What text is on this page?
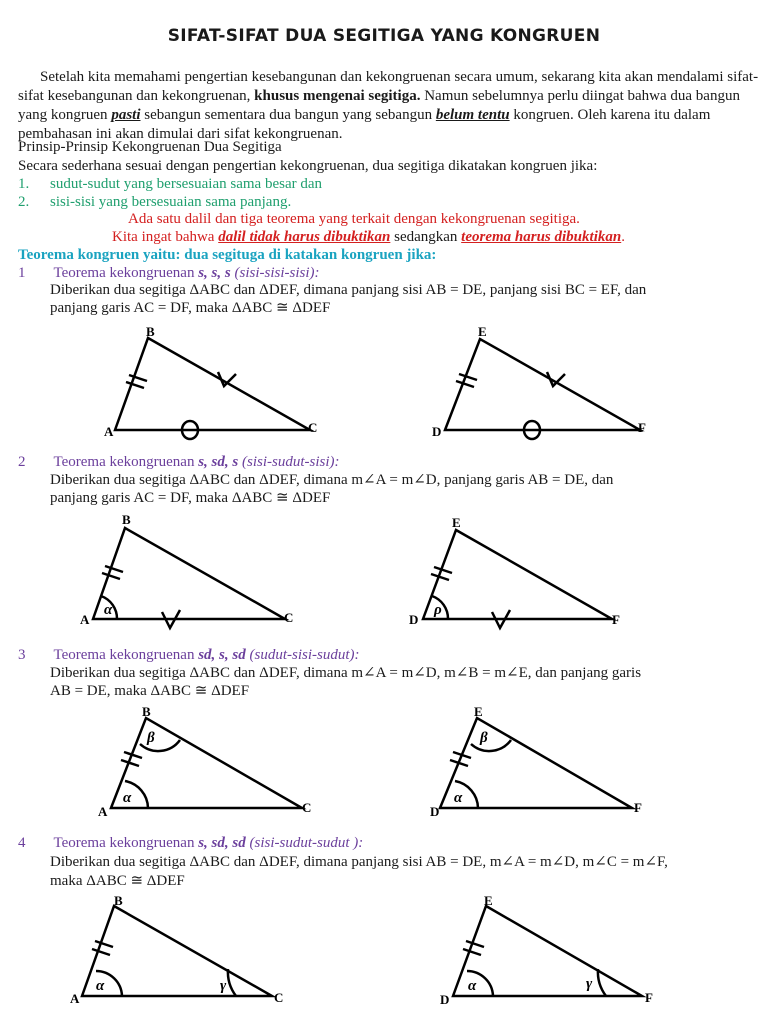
SIFAT-SIFAT DUA SEGITIGA YANG KONGRUEN
Setelah kita memahami pengertian kesebangunan dan kekongruenan secara umum, sekarang kita akan mendalami sifat-sifat kesebangunan dan kekongruenan, khusus mengenai segitiga. Namun sebelumnya perlu diingat bahwa dua bangun yang kongruen pasti sebangun sementara dua bangun yang sebangun belum tentu kongruen. Oleh karena itu dalam pembahasan ini akan dimulai dari sifat kekongruenan.
Prinsip-Prinsip Kekongruenan Dua Segitiga
Secara sederhana sesuai dengan pengertian kekongruenan, dua segitiga dikatakan kongruen jika:
1. sudut-sudut yang bersesuaian sama besar dan
2. sisi-sisi yang bersesuaian sama panjang.
Ada satu dalil dan tiga teorema yang terkait dengan kekongruenan segitiga.
Kita ingat bahwa dalil tidak harus dibuktikan sedangkan teorema harus dibuktikan.
Teorema kongruen yaitu: dua segituga di katakan kongruen jika:
1 Teorema kekongruenan s, s, s (sisi-sisi-sisi):
Diberikan dua segitiga ΔABC dan ΔDEF, dimana panjang sisi AB = DE, panjang sisi BC = EF, dan
panjang garis AC = DF, maka ΔABC ≅ ΔDEF
B
A	C
E
D	F
2 Teorema kekongruenan s, sd, s (sisi-sudut-sisi):
Diberikan dua segitiga ΔABC dan ΔDEF, dimana m∠A = m∠D, panjang garis AB = DE, dan
panjang garis AC = DF, maka ΔABC ≅ ΔDEF
B
A	C
α
E
D	F
ρ
3 Teorema kekongruenan sd, s, sd (sudut-sisi-sudut):
Diberikan dua segitiga ΔABC dan ΔDEF, dimana m∠A = m∠D, m∠B = m∠E, dan panjang garis
AB = DE, maka ΔABC ≅ ΔDEF
B
A	C
α
β
E
D	F
α
β
4 Teorema kekongruenan s, sd, sd (sisi-sudut-sudut ):
Diberikan dua segitiga ΔABC dan ΔDEF, dimana panjang sisi AB = DE, m∠A = m∠D, m∠C = m∠F,
maka ΔABC ≅ ΔDEF
B
A	C
α	γ
E
D	F
α	γ
